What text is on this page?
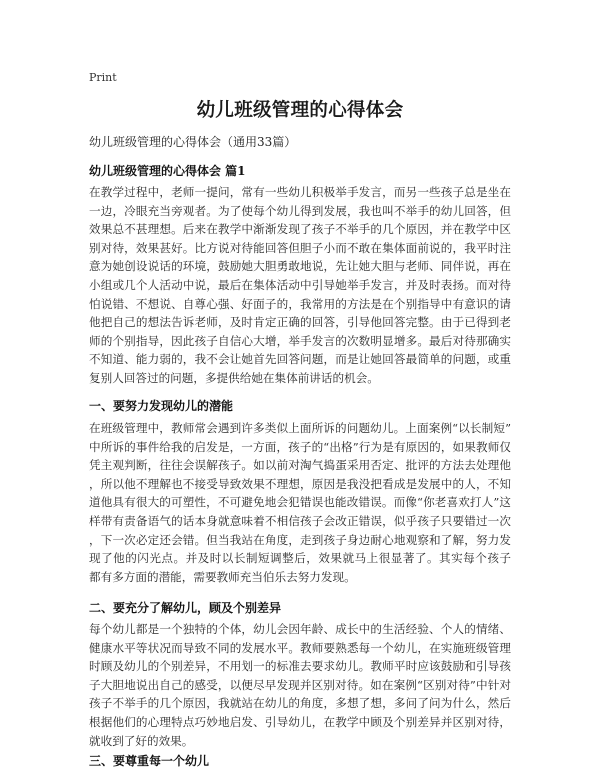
Print
幼儿班级管理的心得体会
幼儿班级管理的心得体会（通用33篇）
幼儿班级管理的心得体会 篇1
在教学过程中，老师一提问，常有一些幼儿积极举手发言，而另一些孩子总是坐在
一边，冷眼充当旁观者。为了使每个幼儿得到发展，我也叫不举手的幼儿回答，但
效果总不甚理想。后来在教学中渐渐发现了孩子不举手的几个原因，并在教学中区
别对待，效果甚好。比方说对待能回答但胆子小而不敢在集体面前说的，我平时注
意为她创设说话的环境，鼓励她大胆勇敢地说，先让她大胆与老师、同伴说，再在
小组或几个人活动中说，最后在集体活动中引导她举手发言，并及时表扬。而对待
怕说错、不想说、自尊心强、好面子的，我常用的方法是在个别指导中有意识的请
他把自己的想法告诉老师，及时肯定正确的回答，引导他回答完整。由于已得到老
师的个别指导，因此孩子自信心大增，举手发言的次数明显增多。最后对待那确实
不知道、能力弱的，我不会让她首先回答问题，而是让她回答最简单的问题，或重
复别人回答过的问题，多提供给她在集体前讲话的机会。
一、要努力发现幼儿的潜能
在班级管理中，教师常会遇到许多类似上面所诉的问题幼儿。上面案例“以长制短”
中所诉的事件给我的启发是，一方面，孩子的“出格”行为是有原因的，如果教师仅
凭主观判断，往往会误解孩子。如以前对淘气捣蛋采用否定、批评的方法去处理他
，所以他不理解也不接受导致效果不理想，原因是我没把看成是发展中的人，不知
道他具有很大的可塑性，不可避免地会犯错误也能改错误。而像“你老喜欢打人”这
样带有责备语气的话本身就意味着不相信孩子会改正错误，似乎孩子只要错过一次
，下一次必定还会错。但当我站在角度，走到孩子身边耐心地观察和了解，努力发
现了他的闪光点。并及时以长制短调整后，效果就马上很显著了。其实每个孩子
都有多方面的潜能，需要教师充当伯乐去努力发现。
二、要充分了解幼儿，顾及个别差异
每个幼儿都是一个独特的个体，幼儿会因年龄、成长中的生活经验、个人的情绪、
健康水平等状况而导致不同的发展水平。教师要熟悉每一个幼儿，在实施班级管理
时顾及幼儿的个别差异，不用划一的标准去要求幼儿。教师平时应该鼓励和引导孩
子大胆地说出自己的感受，以便尽早发现并区别对待。如在案例“区别对待”中针对
孩子不举手的几个原因，我就站在幼儿的角度，多想了想，多问了问为什么，然后
根据他们的心理特点巧妙地启发、引导幼儿，在教学中顾及个别差异并区别对待，
就收到了好的效果。
三、要尊重每一个幼儿
